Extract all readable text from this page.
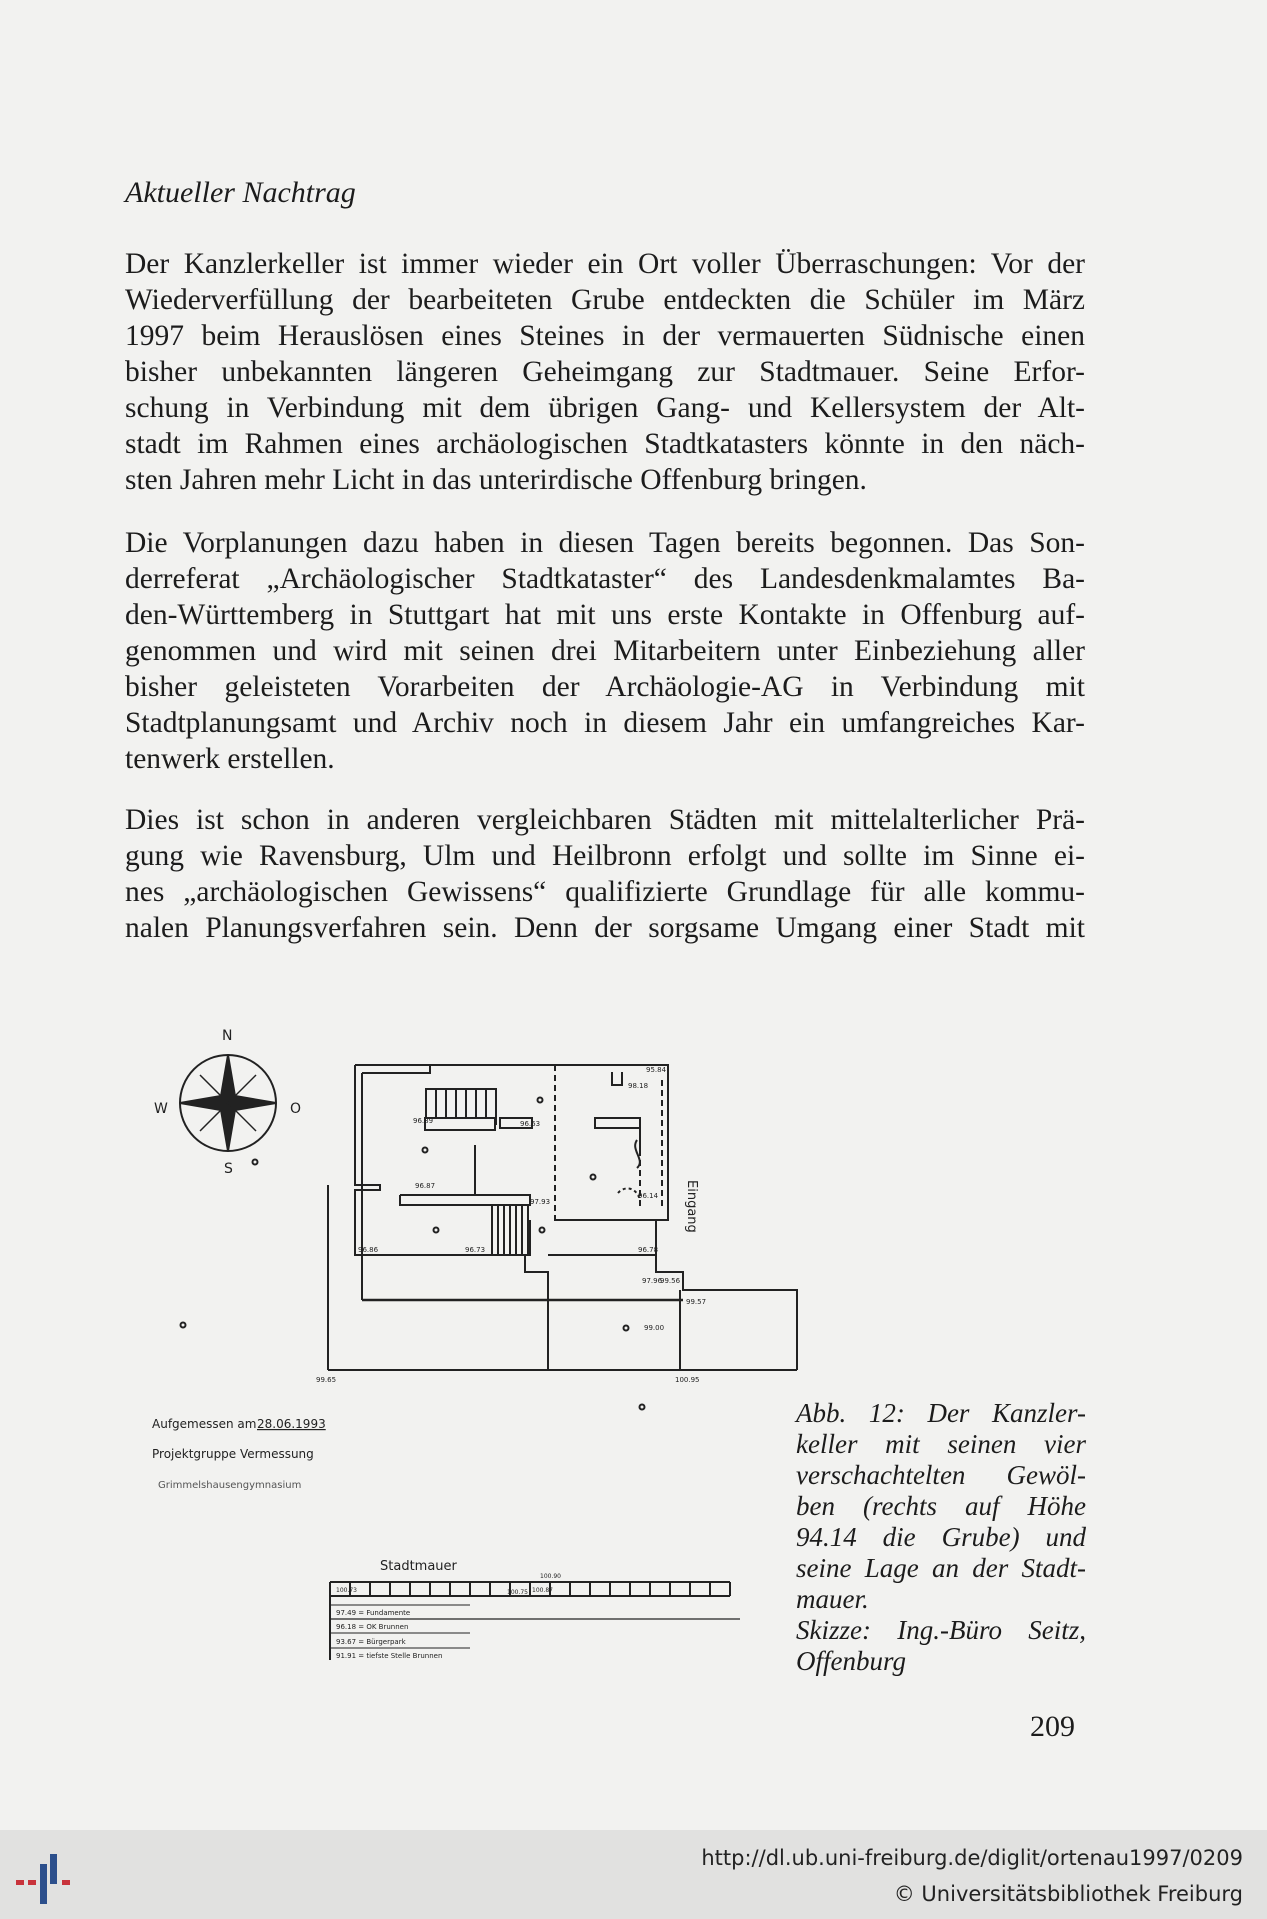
Aktueller Nachtrag
Der Kanzlerkeller ist immer wieder ein Ort voller Überraschungen: Vor der
Wiederverfüllung der bearbeiteten Grube entdeckten die Schüler im März
1997 beim Herauslösen eines Steines in der vermauerten Südnische einen
bisher unbekannten längeren Geheimgang zur Stadtmauer. Seine Erfor-
schung in Verbindung mit dem übrigen Gang- und Kellersystem der Alt-
stadt im Rahmen eines archäologischen Stadtkatasters könnte in den näch-
sten Jahren mehr Licht in das unterirdische Offenburg bringen.
Die Vorplanungen dazu haben in diesen Tagen bereits begonnen. Das Son-
derreferat „Archäologischer Stadtkataster“ des Landesdenkmalamtes Ba-
den-Württemberg in Stuttgart hat mit uns erste Kontakte in Offenburg auf-
genommen und wird mit seinen drei Mitarbeitern unter Einbeziehung aller
bisher geleisteten Vorarbeiten der Archäologie-AG in Verbindung mit
Stadtplanungsamt und Archiv noch in diesem Jahr ein umfangreiches Kar-
tenwerk erstellen.
Dies ist schon in anderen vergleichbaren Städten mit mittelalterlicher Prä-
gung wie Ravensburg, Ulm und Heilbronn erfolgt und sollte im Sinne ei-
nes „archäologischen Gewissens“ qualifizierte Grundlage für alle kommu-
nalen Planungsverfahren sein. Denn der sorgsame Umgang einer Stadt mit
N
W	O
S
95.84
98.18
96.89	96.63
96.87
97.93
96.86	96.73
96.14
96.78
97.96
99.56
99.57
99.00
99.65	100.95
Eingang
Aufgemessen am 28.06.1993
Projektgruppe Vermessung
Grimmelshausengymnasium
Stadtmauer
100.73
100.90
100.75 100.87
97.49 = Fundamente
96.18 = OK Brunnen
93.67 = Bürgerpark
91.91 = tiefste Stelle Brunnen
Abb. 12: Der Kanzler-
keller mit seinen vier
verschachtelten Gewöl-
ben (rechts auf Höhe
94.14 die Grube) und
seine Lage an der Stadt-
mauer.
Skizze: Ing.-Büro Seitz,
Offenburg
209
http://dl.ub.uni-freiburg.de/diglit/ortenau1997/0209
© Universitätsbibliothek Freiburg
